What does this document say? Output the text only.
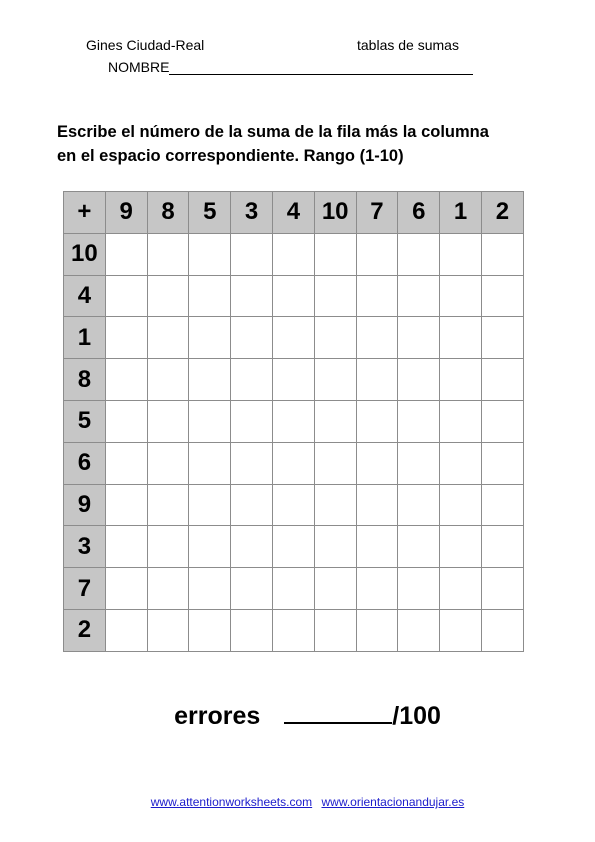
Gines Ciudad-Real	tablas de sumas
NOMBRE
Escribe el número de la suma de la fila más la columna
en el espacio correspondiente. Rango (1-10)
+	9	8	5	3	4	10	7	6	1	2
10										
4										
1										
8										
5										
6										
9										
3										
7										
2										
errores	/100
www.attentionworksheets.com www.orientacionandujar.es
